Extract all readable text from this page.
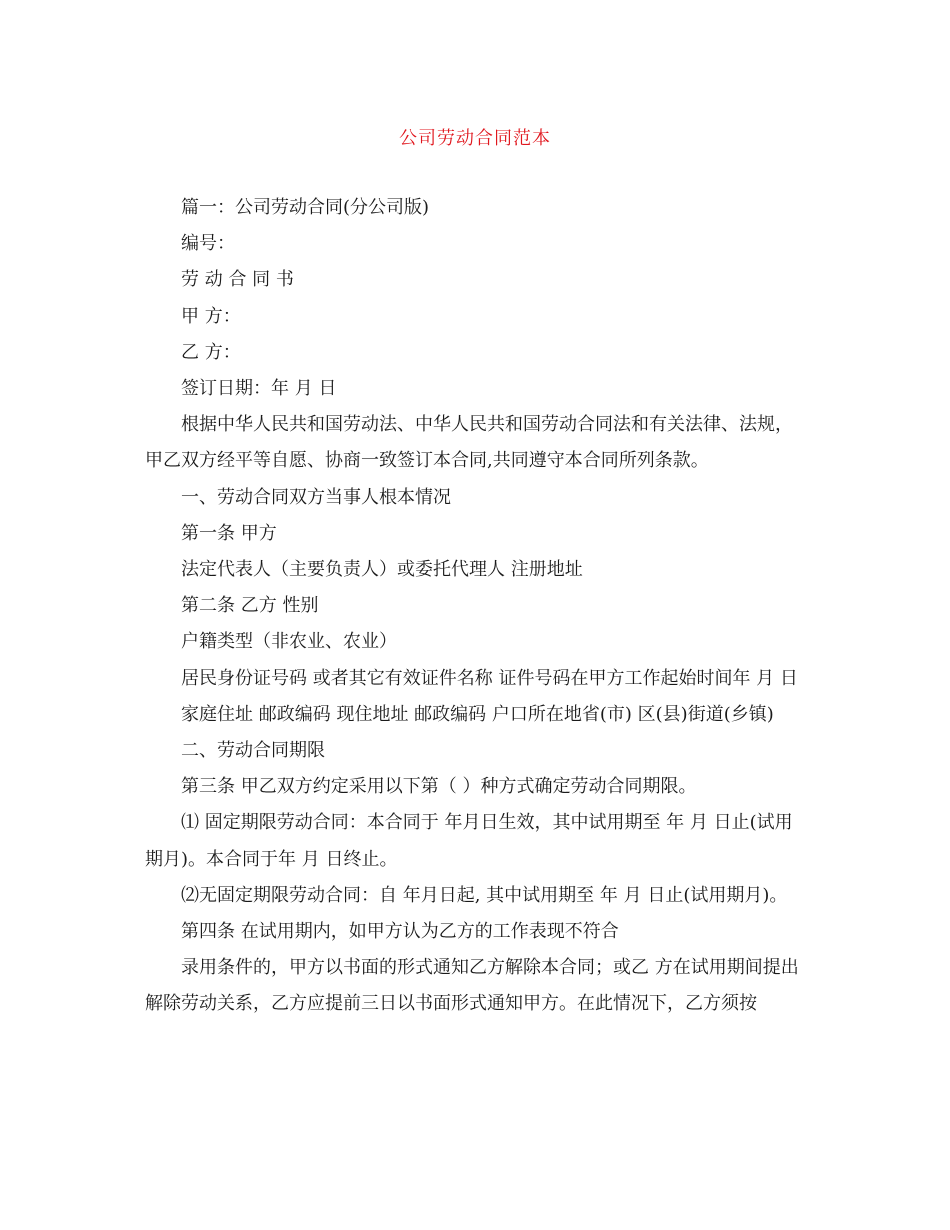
公司劳动合同范本

篇一：公司劳动合同(分公司版)

编号：

劳 动 合 同 书

甲 方：

乙 方：

签订日期：年 月 日

根据中华人民共和国劳动法、中华人民共和国劳动合同法和有关法律、法规，甲乙双方经平等自愿、协商一致签订本合同,共同遵守本合同所列条款。

一、劳动合同双方当事人根本情况

第一条 甲方

法定代表人（主要负责人）或委托代理人 注册地址

第二条 乙方 性别

户籍类型（非农业、农业）

居民身份证号码 或者其它有效证件名称 证件号码在甲方工作起始时间年 月 日

家庭住址 邮政编码 现住地址 邮政编码 户口所在地省(市) 区(县)街道(乡镇)

二、劳动合同期限

第三条 甲乙双方约定采用以下第（ ）种方式确定劳动合同期限。

⑴ 固定期限劳动合同：本合同于 年月日生效，其中试用期至 年 月 日止(试用期月)。本合同于年 月 日终止。

⑵无固定期限劳动合同：自 年月日起, 其中试用期至 年 月 日止(试用期月)。

第四条 在试用期内，如甲方认为乙方的工作表现不符合

录用条件的，甲方以书面的形式通知乙方解除本合同；或乙 方在试用期间提出解除劳动关系，乙方应提前三日以书面形式通知甲方。在此情况下，乙方须按
